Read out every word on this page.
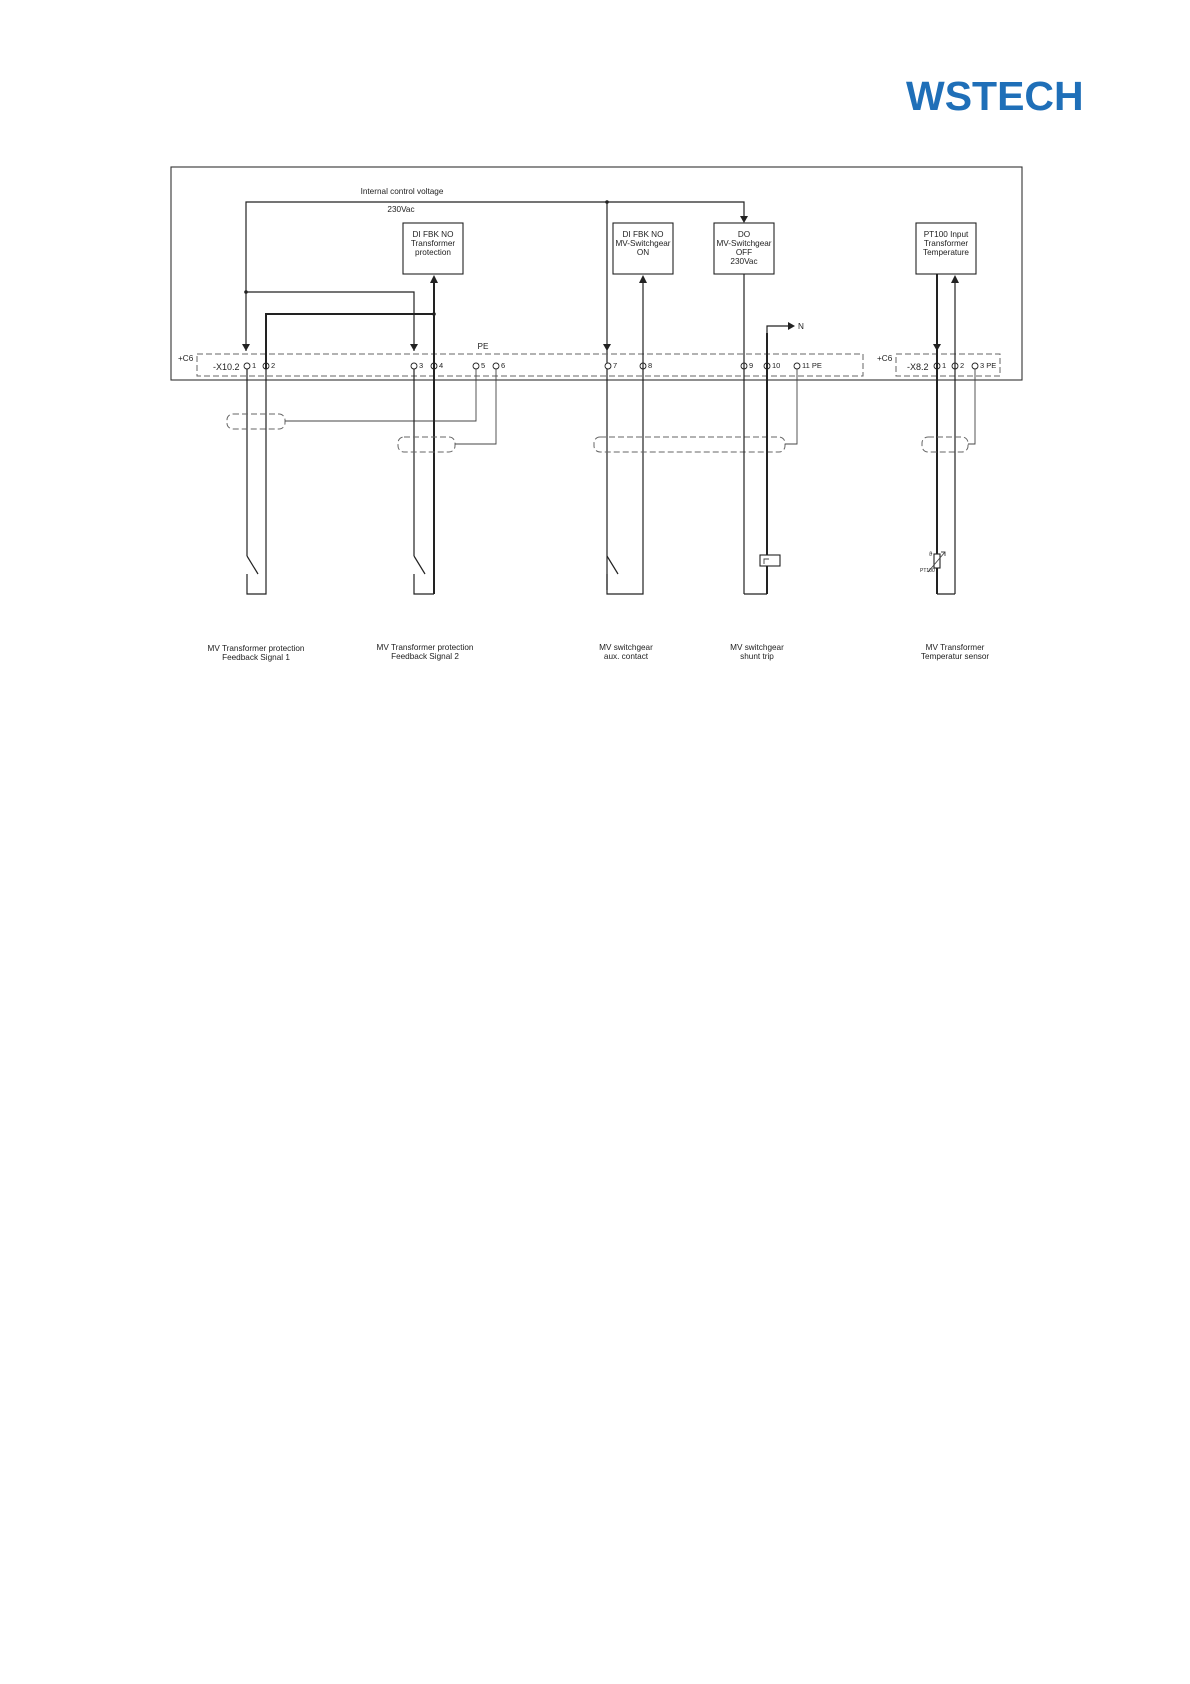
WSTECH
Internal control voltage
230Vac
DI FBK NO
Transformer
protection
DI FBK NO
MV-Switchgear
ON
DO
MV-Switchgear
OFF
230Vac
PT100 Input
Transformer
Temperature
+C6
-X10.2
+C6
-X8.2
PE
1 2	3 4	5 6	7	8	9	10	11 PE	1 2 3 PE
N
ϑ
PT100
MV Transformer protection
Feedback Signal 1
MV Transformer protection
Feedback Signal 2
MV switchgear
aux. contact
MV switchgear
shunt trip
MV Transformer
Temperatur sensor
